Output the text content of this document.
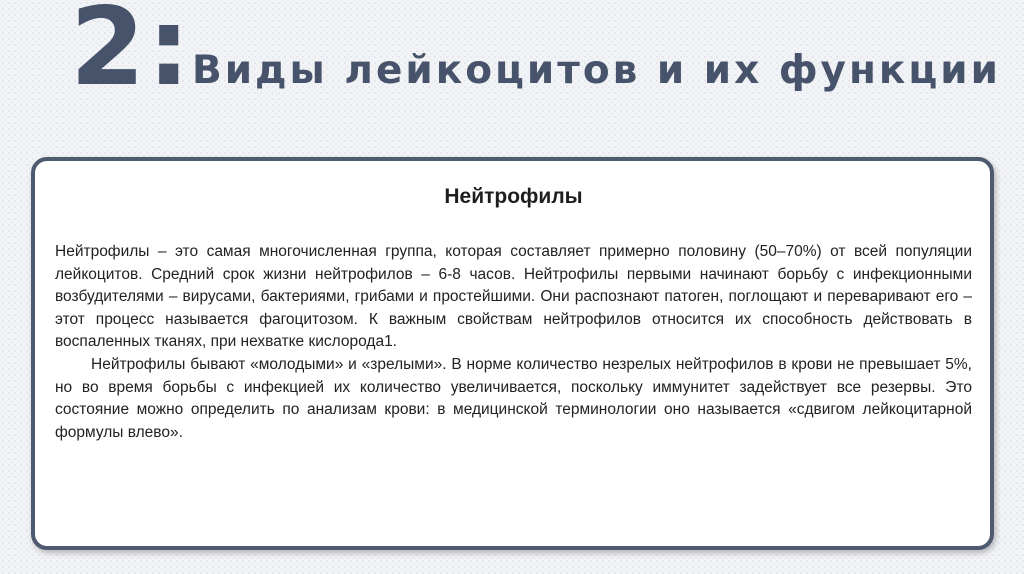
2: Виды лейкоцитов и их функции
Нейтрофилы

Нейтрофилы – это самая многочисленная группа, которая составляет примерно половину (50–70%) от всей популяции лейкоцитов. Средний срок жизни нейтрофилов – 6-8 часов. Нейтрофилы первыми начинают борьбу с инфекционными возбудителями – вирусами, бактериями, грибами и простейшими. Они распознают патоген, поглощают и переваривают его – этот процесс называется фагоцитозом. К важным свойствам нейтрофилов относится их способность действовать в воспаленных тканях, при нехватке кислорода1.

Нейтрофилы бывают «молодыми» и «зрелыми». В норме количество незрелых нейтрофилов в крови не превышает 5%, но во время борьбы с инфекцией их количество увеличивается, поскольку иммунитет задействует все резервы. Это состояние можно определить по анализам крови: в медицинской терминологии оно называется «сдвигом лейкоцитарной формулы влево».
